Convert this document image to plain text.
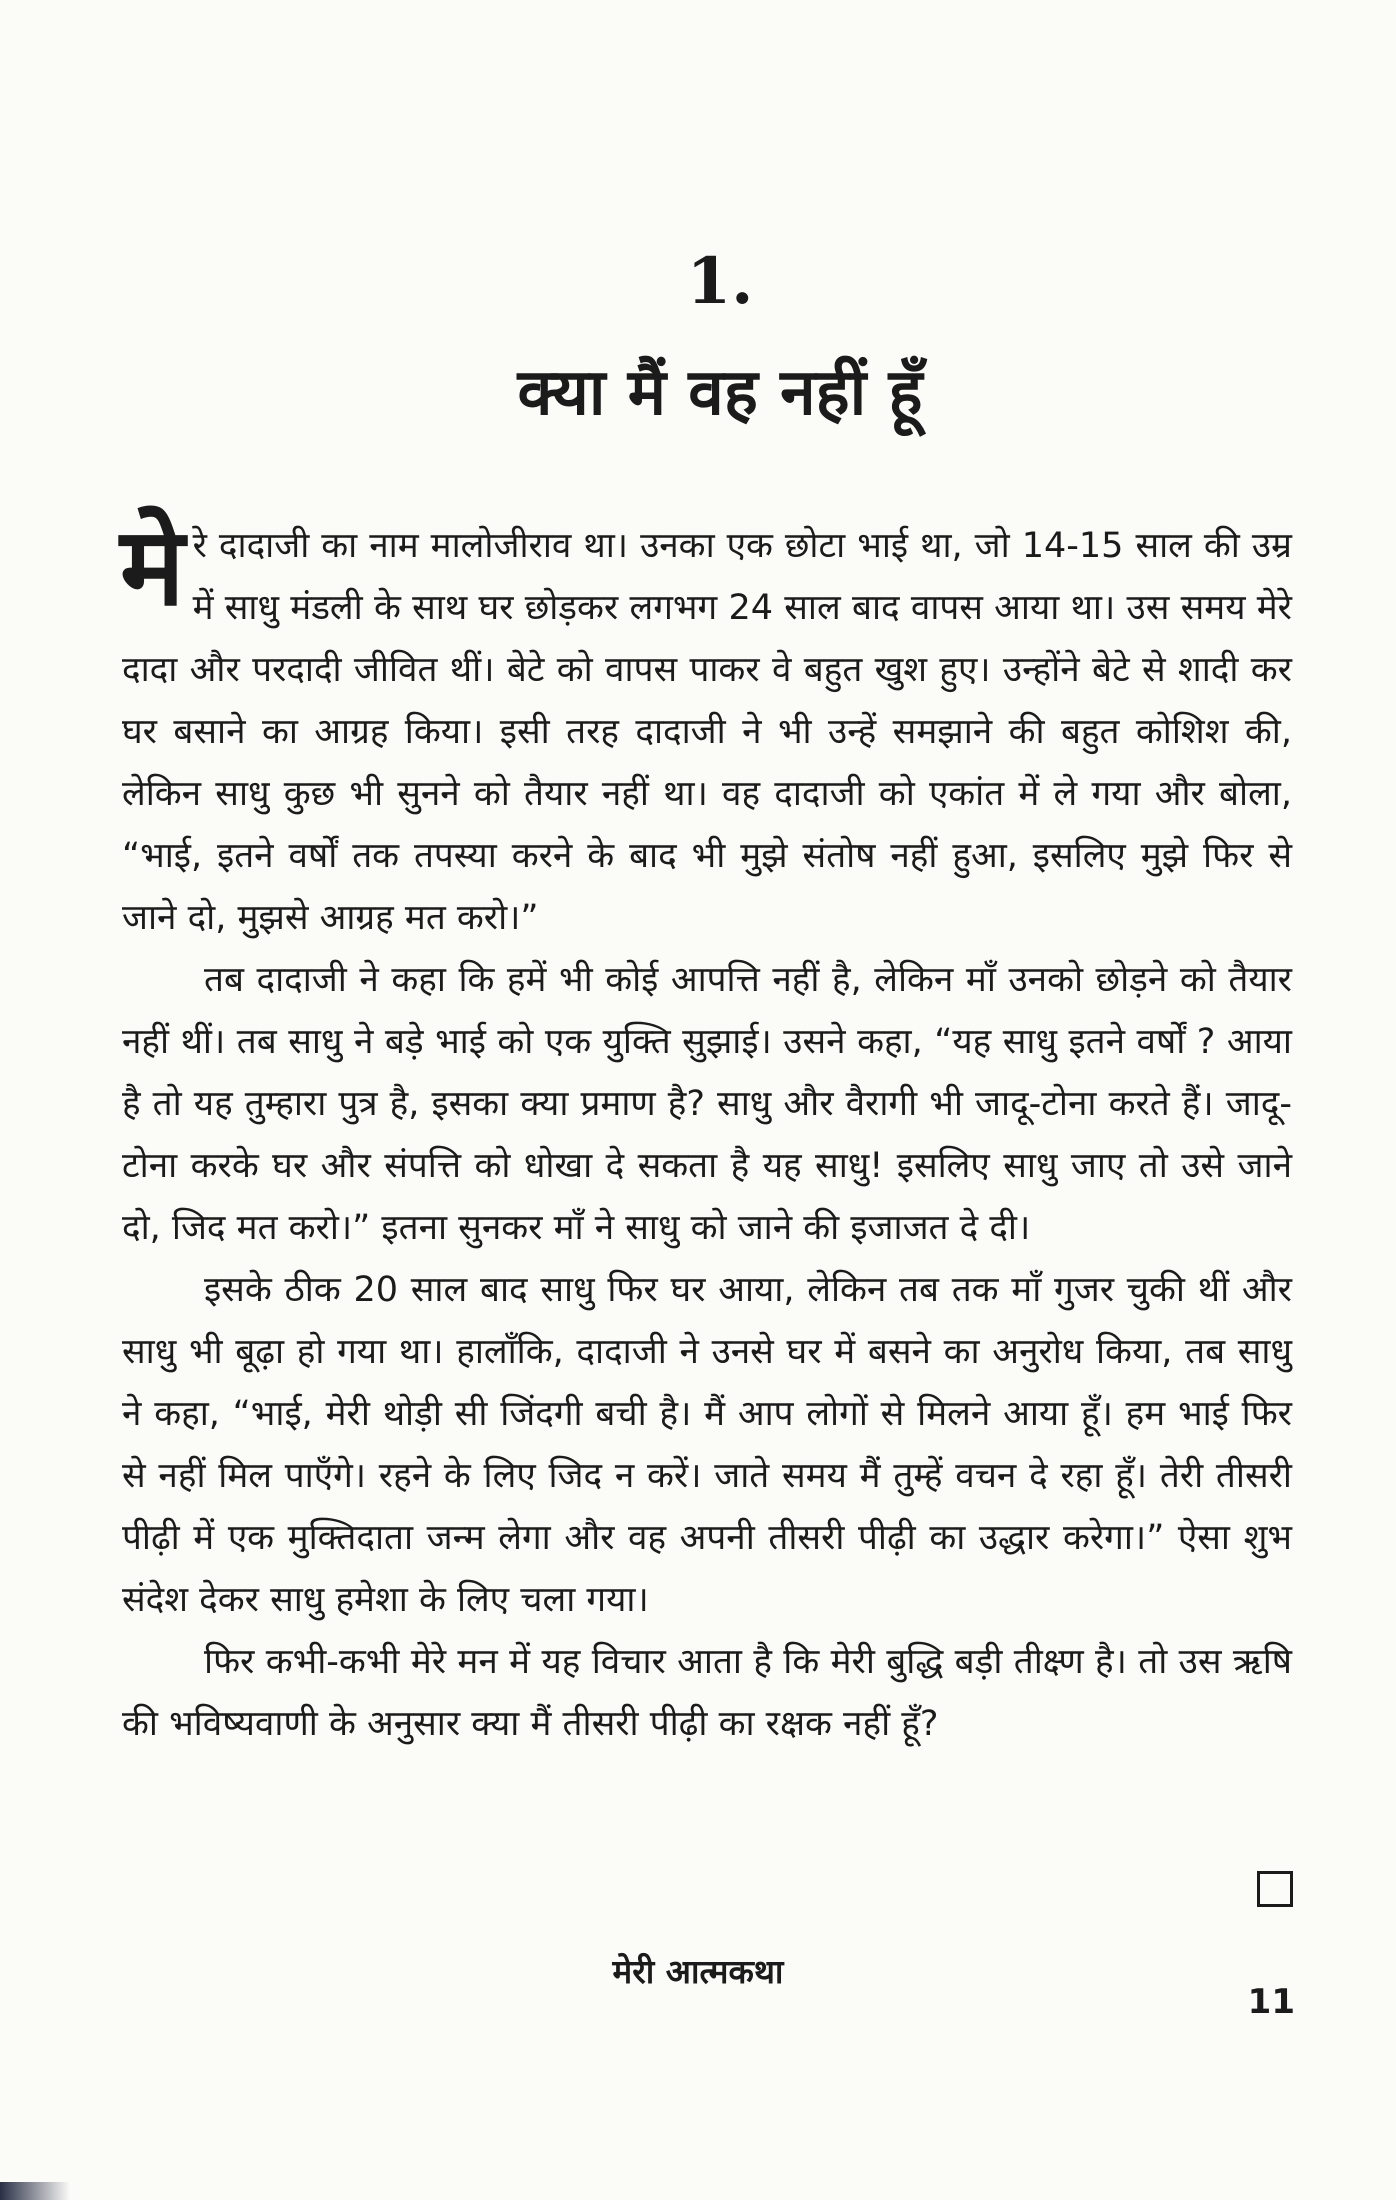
1.
क्या मैं वह नहीं हूँ

मेरे दादाजी का नाम मालोजीराव था। उनका एक छोटा भाई था, जो 14-15 साल की उम्र में साधु मंडली के साथ घर छोड़कर लगभग 24 साल बाद वापस आया था। उस समय मेरे दादा और परदादी जीवित थीं। बेटे को वापस पाकर वे बहुत खुश हुए। उन्होंने बेटे से शादी कर घर बसाने का आग्रह किया। इसी तरह दादाजी ने भी उन्हें समझाने की बहुत कोशिश की, लेकिन साधु कुछ भी सुनने को तैयार नहीं था। वह दादाजी को एकांत में ले गया और बोला, “भाई, इतने वर्षों तक तपस्या करने के बाद भी मुझे संतोष नहीं हुआ, इसलिए मुझे फिर से जाने दो, मुझसे आग्रह मत करो।”

तब दादाजी ने कहा कि हमें भी कोई आपत्ति नहीं है, लेकिन माँ उनको छोड़ने को तैयार नहीं थीं। तब साधु ने बड़े भाई को एक युक्ति सुझाई। उसने कहा, “यह साधु इतने वर्षों ? आया है तो यह तुम्हारा पुत्र है, इसका क्या प्रमाण है? साधु और वैरागी भी जादू-टोना करते हैं। जादू-टोना करके घर और संपत्ति को धोखा दे सकता है यह साधु! इसलिए साधु जाए तो उसे जाने दो, जिद मत करो।” इतना सुनकर माँ ने साधु को जाने की इजाजत दे दी।

इसके ठीक 20 साल बाद साधु फिर घर आया, लेकिन तब तक माँ गुजर चुकी थीं और साधु भी बूढ़ा हो गया था। हालाँकि, दादाजी ने उनसे घर में बसने का अनुरोध किया, तब साधु ने कहा, “भाई, मेरी थोड़ी सी जिंदगी बची है। मैं आप लोगों से मिलने आया हूँ। हम भाई फिर से नहीं मिल पाएँगे। रहने के लिए जिद न करें। जाते समय मैं तुम्हें वचन दे रहा हूँ। तेरी तीसरी पीढ़ी में एक मुक्तिदाता जन्म लेगा और वह अपनी तीसरी पीढ़ी का उद्धार करेगा।” ऐसा शुभ संदेश देकर साधु हमेशा के लिए चला गया।

फिर कभी-कभी मेरे मन में यह विचार आता है कि मेरी बुद्धि बड़ी तीक्ष्ण है। तो उस ऋषि की भविष्यवाणी के अनुसार क्या मैं तीसरी पीढ़ी का रक्षक नहीं हूँ?

मेरी आत्मकथा
11
